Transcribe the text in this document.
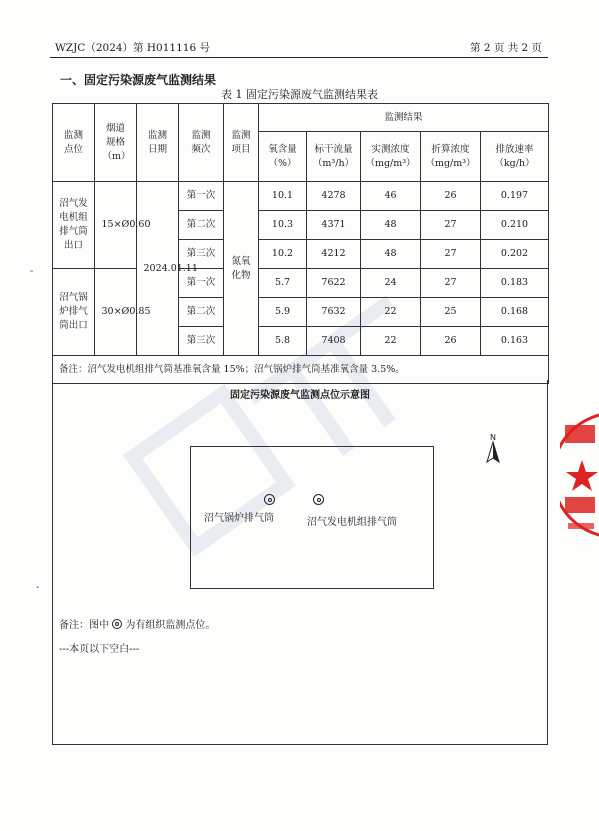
WZJC（2024）第 H011116 号	第 2 页 共 2 页
一、固定污染源废气监测结果
表 1 固定污染源废气监测结果表
监测点位	烟道规格（m）	监测日期	监测频次	监测项目	监测结果				
					氧含量（%）	标干流量（m³/h）	实测浓度（mg/m³）	折算浓度（mg/m³）	排放速率（kg/h）
沼气发电机组排气筒出口	15×Ø0.60	2024.01.11	第一次	氮氧化物	10.1	4278	46	26	0.197
			第二次		10.3	4371	48	27	0.210
			第三次		10.2	4212	48	27	0.202
沼气锅炉排气筒出口	30×Ø0.85		第一次		5.7	7622	24	27	0.183
			第二次		5.9	7632	22	25	0.168
			第三次		5.8	7408	22	26	0.163
备注：沼气发电机组排气筒基准氧含量 15%；沼气锅炉排气筒基准氧含量 3.5%。									
固定污染源废气监测点位示意图
N
沼气锅炉排气筒	沼气发电机组排气筒
备注：图中 为有组织监测点位。
---本页以下空白---
-
-
